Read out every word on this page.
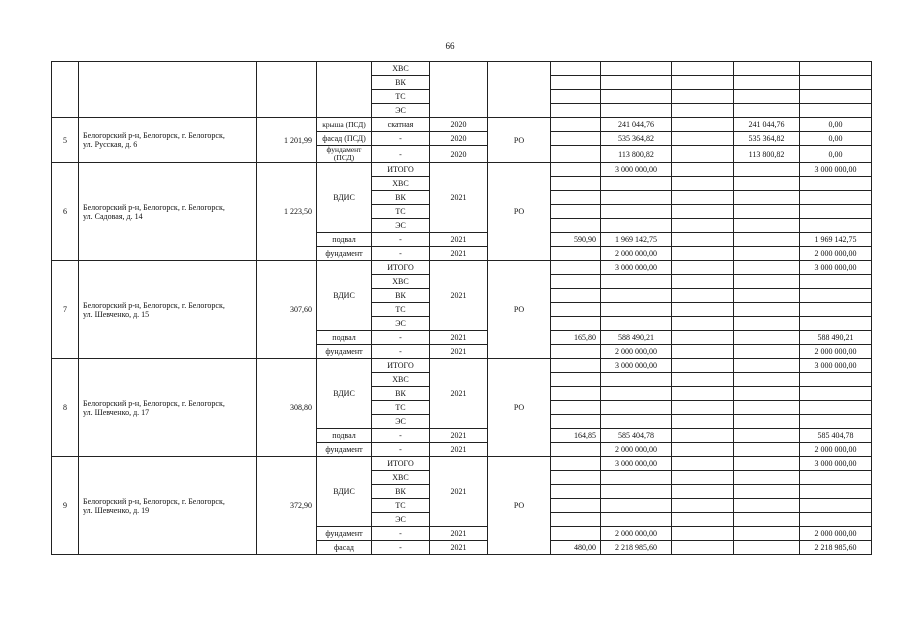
66
				ХВС							
				ВК							
				ТС							
				ЭС							
5	Белогорский р-н, Белогорск, г. Белогорск,
ул. Русская, д. 6	1 201,99	крыша (ПСД)	скатная	2020	РО		241 044,76		241 044,76	0,00
			фасад (ПСД)	-	2020			535 364,82		535 364,82	0,00
			фундамент (ПСД)	-	2020			113 800,82		113 800,82	0,00
6	Белогорский р-н, Белогорск, г. Белогорск,
ул. Садовая, д. 14	1 223,50	ВДИС	ИТОГО	2021	РО		3 000 000,00			3 000 000,00
				ХВС							
				ВК							
				ТС							
				ЭС							
			подвал	-	2021		590,90	1 969 142,75			1 969 142,75
			фундамент	-	2021			2 000 000,00			2 000 000,00
7	Белогорский р-н, Белогорск, г. Белогорск,
ул. Шевченко, д. 15	307,60	ВДИС	ИТОГО	2021	РО		3 000 000,00			3 000 000,00
				ХВС							
				ВК							
				ТС							
				ЭС							
			подвал	-	2021		165,80	588 490,21			588 490,21
			фундамент	-	2021			2 000 000,00			2 000 000,00
8	Белогорский р-н, Белогорск, г. Белогорск,
ул. Шевченко, д. 17	308,80	ВДИС	ИТОГО	2021	РО		3 000 000,00			3 000 000,00
				ХВС							
				ВК							
				ТС							
				ЭС							
			подвал	-	2021		164,85	585 404,78			585 404,78
			фундамент	-	2021			2 000 000,00			2 000 000,00
9	Белогорский р-н, Белогорск, г. Белогорск,
ул. Шевченко, д. 19	372,90	ВДИС	ИТОГО	2021	РО		3 000 000,00			3 000 000,00
				ХВС							
				ВК							
				ТС							
				ЭС							
			фундамент	-	2021			2 000 000,00			2 000 000,00
			фасад	-	2021		480,00	2 218 985,60			2 218 985,60
